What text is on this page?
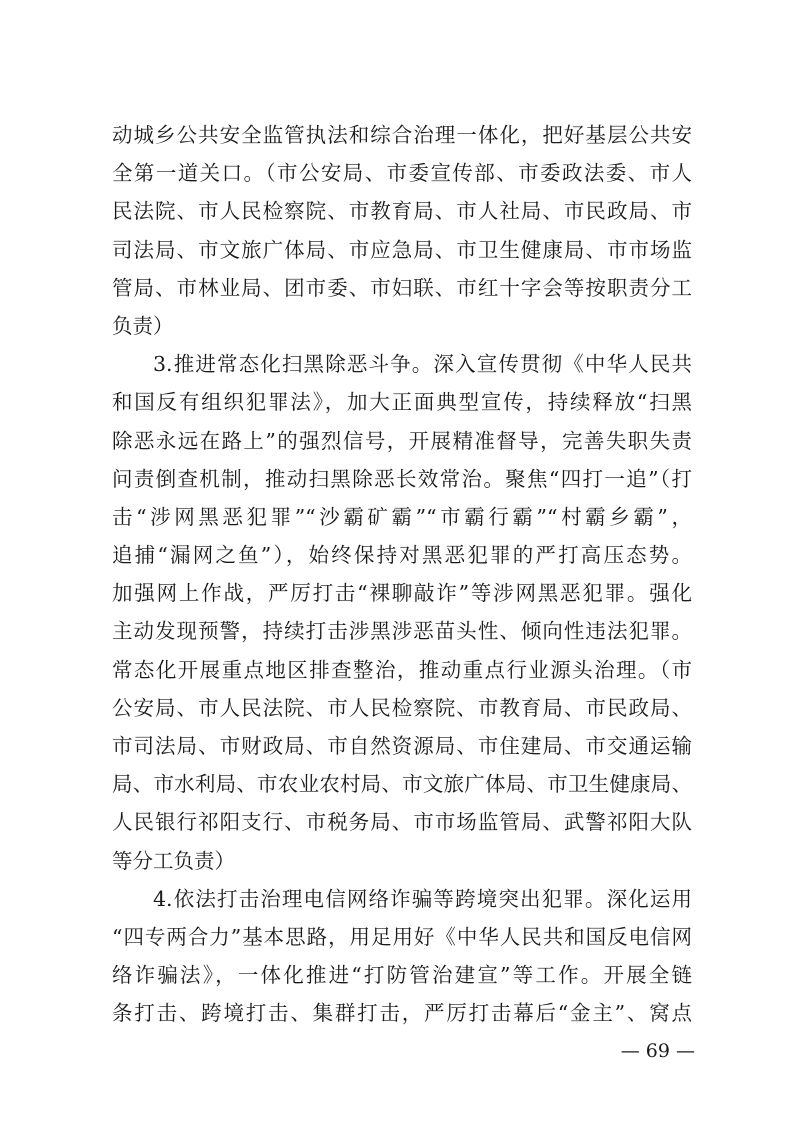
动城乡公共安全监管执法和综合治理一体化，把好基层公共安
全第一道关口。（市公安局、市委宣传部、市委政法委、市人
民法院、市人民检察院、市教育局、市人社局、市民政局、市
司法局、市文旅广体局、市应急局、市卫生健康局、市市场监
管局、市林业局、团市委、市妇联、市红十字会等按职责分工
负责）
3.推进常态化扫黑除恶斗争。深入宣传贯彻《中华人民共
和国反有组织犯罪法》，加大正面典型宣传，持续释放“扫黑
除恶永远在路上”的强烈信号，开展精准督导，完善失职失责
问责倒查机制，推动扫黑除恶长效常治。聚焦“四打一追”（打
击“涉网黑恶犯罪”“沙霸矿霸”“市霸行霸”“村霸乡霸”，
追捕“漏网之鱼”），始终保持对黑恶犯罪的严打高压态势。
加强网上作战，严厉打击“裸聊敲诈”等涉网黑恶犯罪。强化
主动发现预警，持续打击涉黑涉恶苗头性、倾向性违法犯罪。
常态化开展重点地区排查整治，推动重点行业源头治理。（市
公安局、市人民法院、市人民检察院、市教育局、市民政局、
市司法局、市财政局、市自然资源局、市住建局、市交通运输
局、市水利局、市农业农村局、市文旅广体局、市卫生健康局、
人民银行祁阳支行、市税务局、市市场监管局、武警祁阳大队
等分工负责）
4.依法打击治理电信网络诈骗等跨境突出犯罪。深化运用
“四专两合力”基本思路，用足用好《中华人民共和国反电信网
络诈骗法》，一体化推进“打防管治建宣”等工作。开展全链
条打击、跨境打击、集群打击，严厉打击幕后“金主”、窝点
— 69 —
